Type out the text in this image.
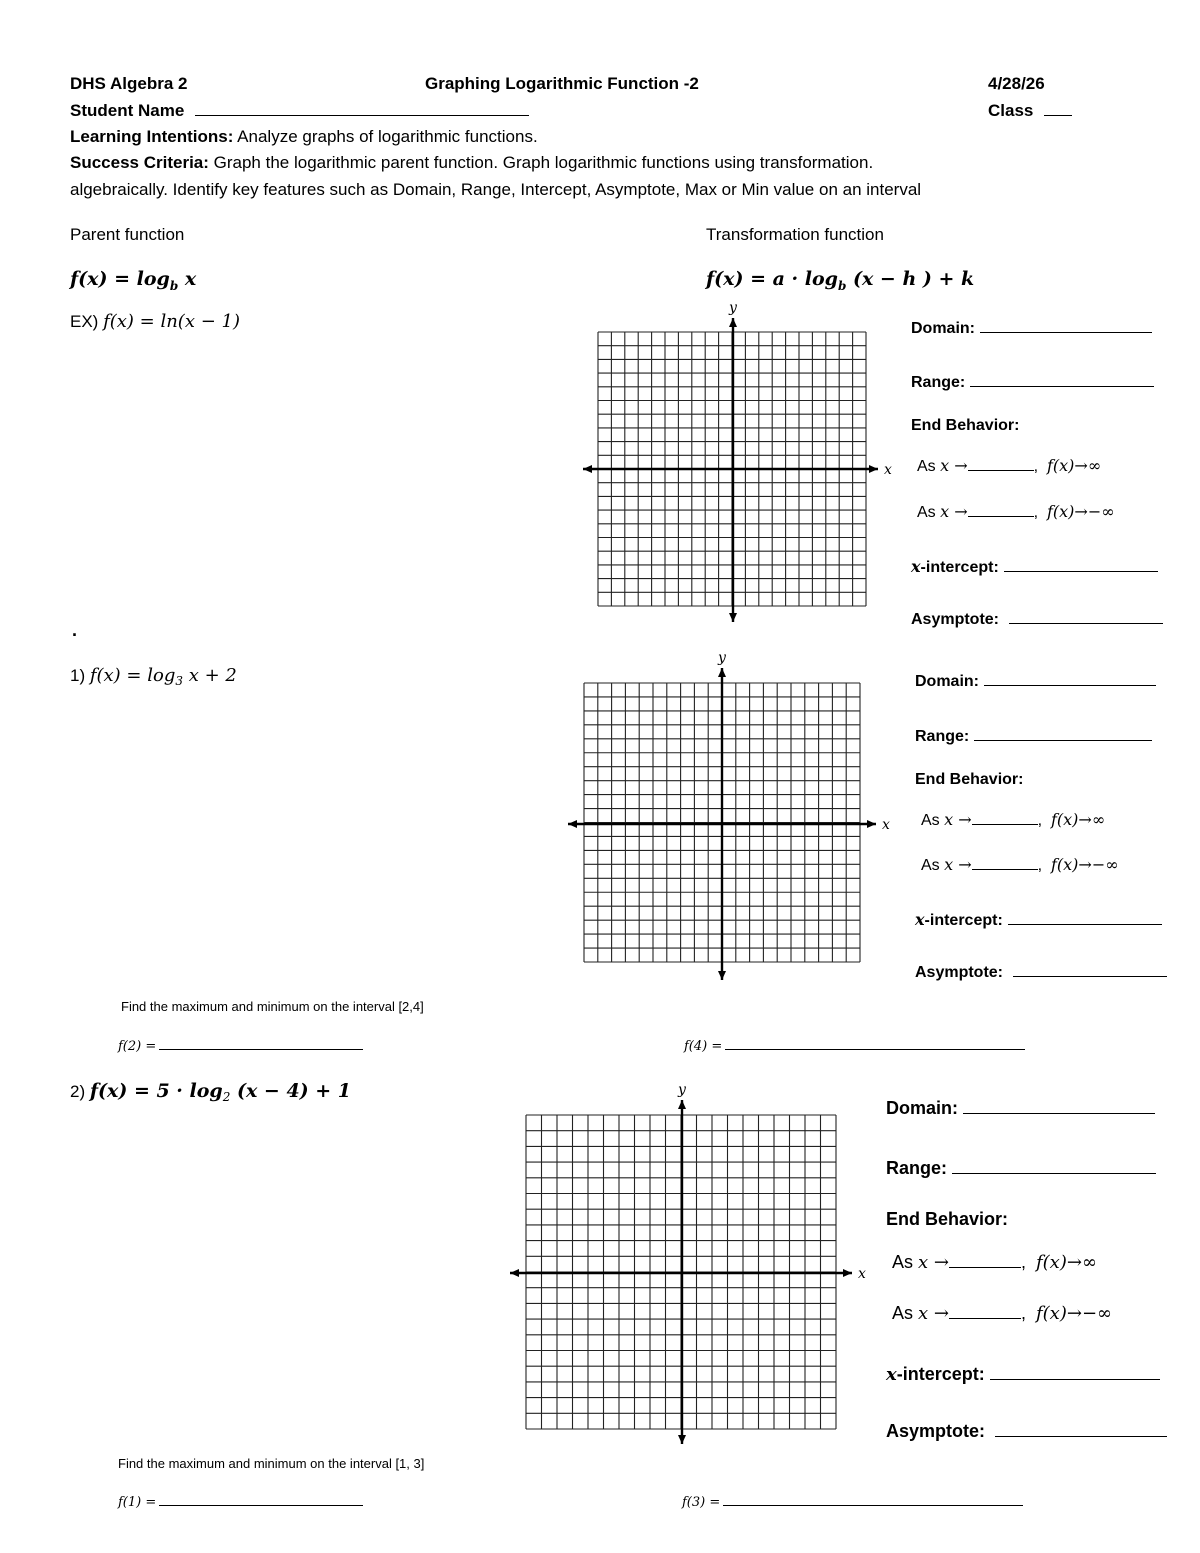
DHS Algebra 2	Graphing Logarithmic Function -2	4/28/26
Student Name	Class
Learning Intentions: Analyze graphs of logarithmic functions.
Success Criteria: Graph the logarithmic parent function. Graph logarithmic functions using transformation.
algebraically. Identify key features such as Domain, Range, Intercept, Asymptote, Max or Min value on an interval
Parent function	Transformation function
$f(x) = \log_b x$	$f(x) = a \cdot \log_b (x - h$ ) + k
EX) f(x) = ln(x − 1)
.
1) $f(x) = \log_3 x + 2$
2) $f(x) = 5 \cdot \log_2 (x - 4) + 1$
x
y
x
y
x
y
Domain:
Range:
End Behavior:
As x →	,  f(x)→∞
As x →	,  f(x)→−∞
x-intercept:
Asymptote:
Domain:
Range:
End Behavior:
As x →	,  f(x)→∞
As x →	,  f(x)→−∞
x-intercept:
Asymptote:
Domain:
Range:
End Behavior:
As x →	,  f(x)→∞
As x →	,  f(x)→−∞
x-intercept:
Asymptote:
Find the maximum and minimum on the interval [2,4]
f(2) =	f(4) =
Find the maximum and minimum on the interval [1, 3]
f(1) =	f(3) =
